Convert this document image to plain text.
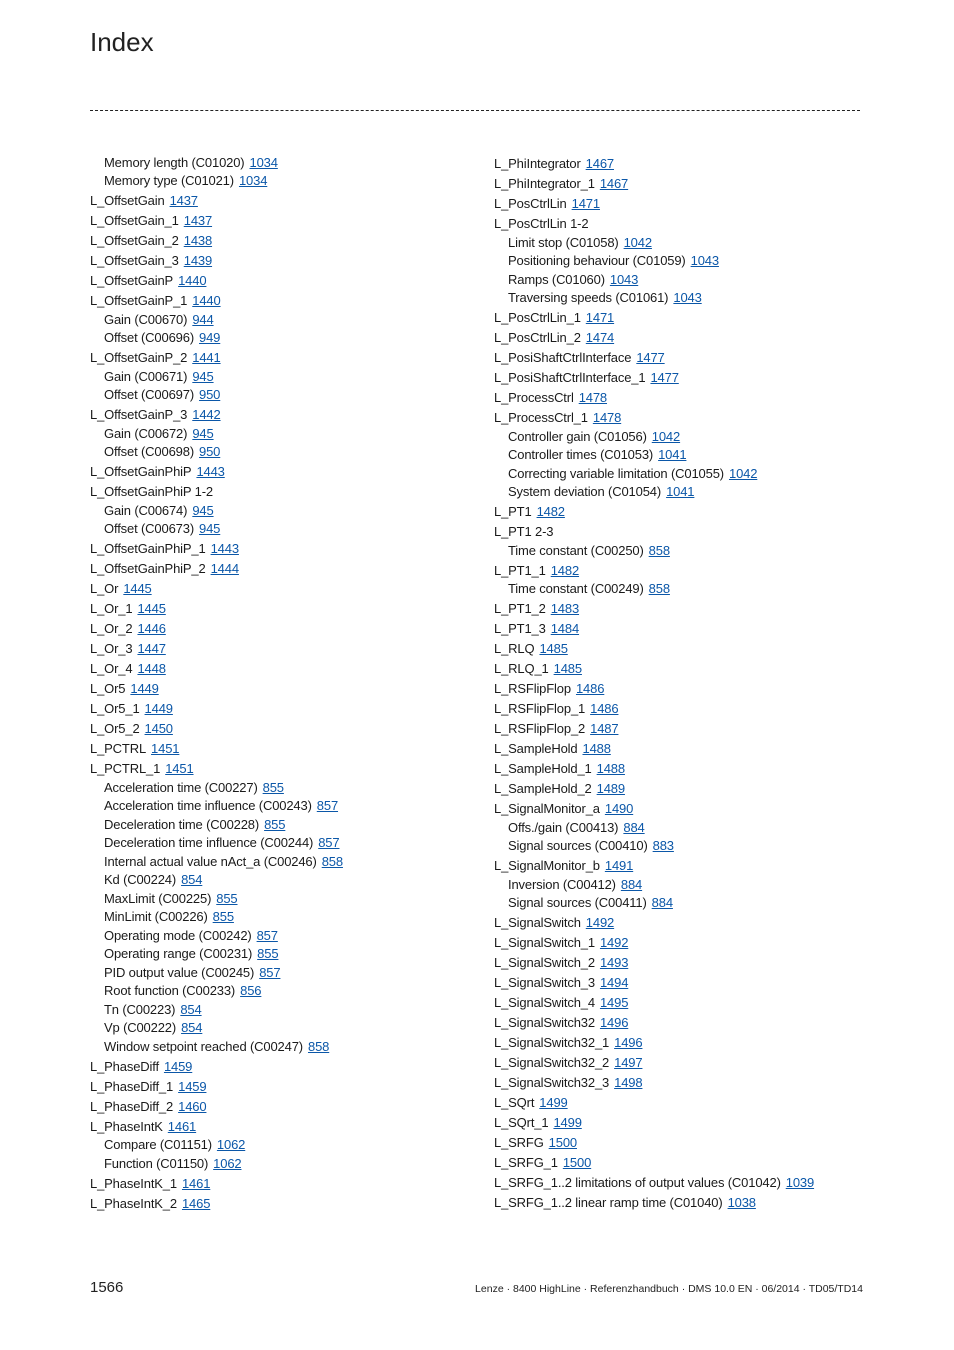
Index
Memory length (C01020) 1034
Memory type (C01021) 1034
L_OffsetGain 1437
L_OffsetGain_1 1437
L_OffsetGain_2 1438
L_OffsetGain_3 1439
L_OffsetGainP 1440
L_OffsetGainP_1 1440
Gain (C00670) 944
Offset (C00696) 949
L_OffsetGainP_2 1441
Gain (C00671) 945
Offset (C00697) 950
L_OffsetGainP_3 1442
Gain (C00672) 945
Offset (C00698) 950
L_OffsetGainPhiP 1443
L_OffsetGainPhiP 1-2
Gain (C00674) 945
Offset (C00673) 945
L_OffsetGainPhiP_1 1443
L_OffsetGainPhiP_2 1444
L_Or 1445
L_Or_1 1445
L_Or_2 1446
L_Or_3 1447
L_Or_4 1448
L_Or5 1449
L_Or5_1 1449
L_Or5_2 1450
L_PCTRL 1451
L_PCTRL_1 1451
Acceleration time (C00227) 855
Acceleration time influence (C00243) 857
Deceleration time (C00228) 855
Deceleration time influence (C00244) 857
Internal actual value nAct_a (C00246) 858
Kd (C00224) 854
MaxLimit (C00225) 855
MinLimit (C00226) 855
Operating mode (C00242) 857
Operating range (C00231) 855
PID output value (C00245) 857
Root function (C00233) 856
Tn (C00223) 854
Vp (C00222) 854
Window setpoint reached (C00247) 858
L_PhaseDiff 1459
L_PhaseDiff_1 1459
L_PhaseDiff_2 1460
L_PhaseIntK 1461
Compare (C01151) 1062
Function (C01150) 1062
L_PhaseIntK_1 1461
L_PhaseIntK_2 1465
L_PhiIntegrator 1467
L_PhiIntegrator_1 1467
L_PosCtrlLin 1471
L_PosCtrlLin 1-2
Limit stop (C01058) 1042
Positioning behaviour (C01059) 1043
Ramps (C01060) 1043
Traversing speeds (C01061) 1043
L_PosCtrlLin_1 1471
L_PosCtrlLin_2 1474
L_PosiShaftCtrlInterface 1477
L_PosiShaftCtrlInterface_1 1477
L_ProcessCtrl 1478
L_ProcessCtrl_1 1478
Controller gain (C01056) 1042
Controller times (C01053) 1041
Correcting variable limitation (C01055) 1042
System deviation (C01054) 1041
L_PT1 1482
L_PT1 2-3
Time constant (C00250) 858
L_PT1_1 1482
Time constant (C00249) 858
L_PT1_2 1483
L_PT1_3 1484
L_RLQ 1485
L_RLQ_1 1485
L_RSFlipFlop 1486
L_RSFlipFlop_1 1486
L_RSFlipFlop_2 1487
L_SampleHold 1488
L_SampleHold_1 1488
L_SampleHold_2 1489
L_SignalMonitor_a 1490
Offs./gain (C00413) 884
Signal sources (C00410) 883
L_SignalMonitor_b 1491
Inversion (C00412) 884
Signal sources (C00411) 884
L_SignalSwitch 1492
L_SignalSwitch_1 1492
L_SignalSwitch_2 1493
L_SignalSwitch_3 1494
L_SignalSwitch_4 1495
L_SignalSwitch32 1496
L_SignalSwitch32_1 1496
L_SignalSwitch32_2 1497
L_SignalSwitch32_3 1498
L_SQrt 1499
L_SQrt_1 1499
L_SRFG 1500
L_SRFG_1 1500
L_SRFG_1..2 limitations of output values (C01042) 1039
L_SRFG_1..2 linear ramp time (C01040) 1038
1566	Lenze · 8400 HighLine · Referenzhandbuch · DMS 10.0 EN · 06/2014 · TD05/TD14
